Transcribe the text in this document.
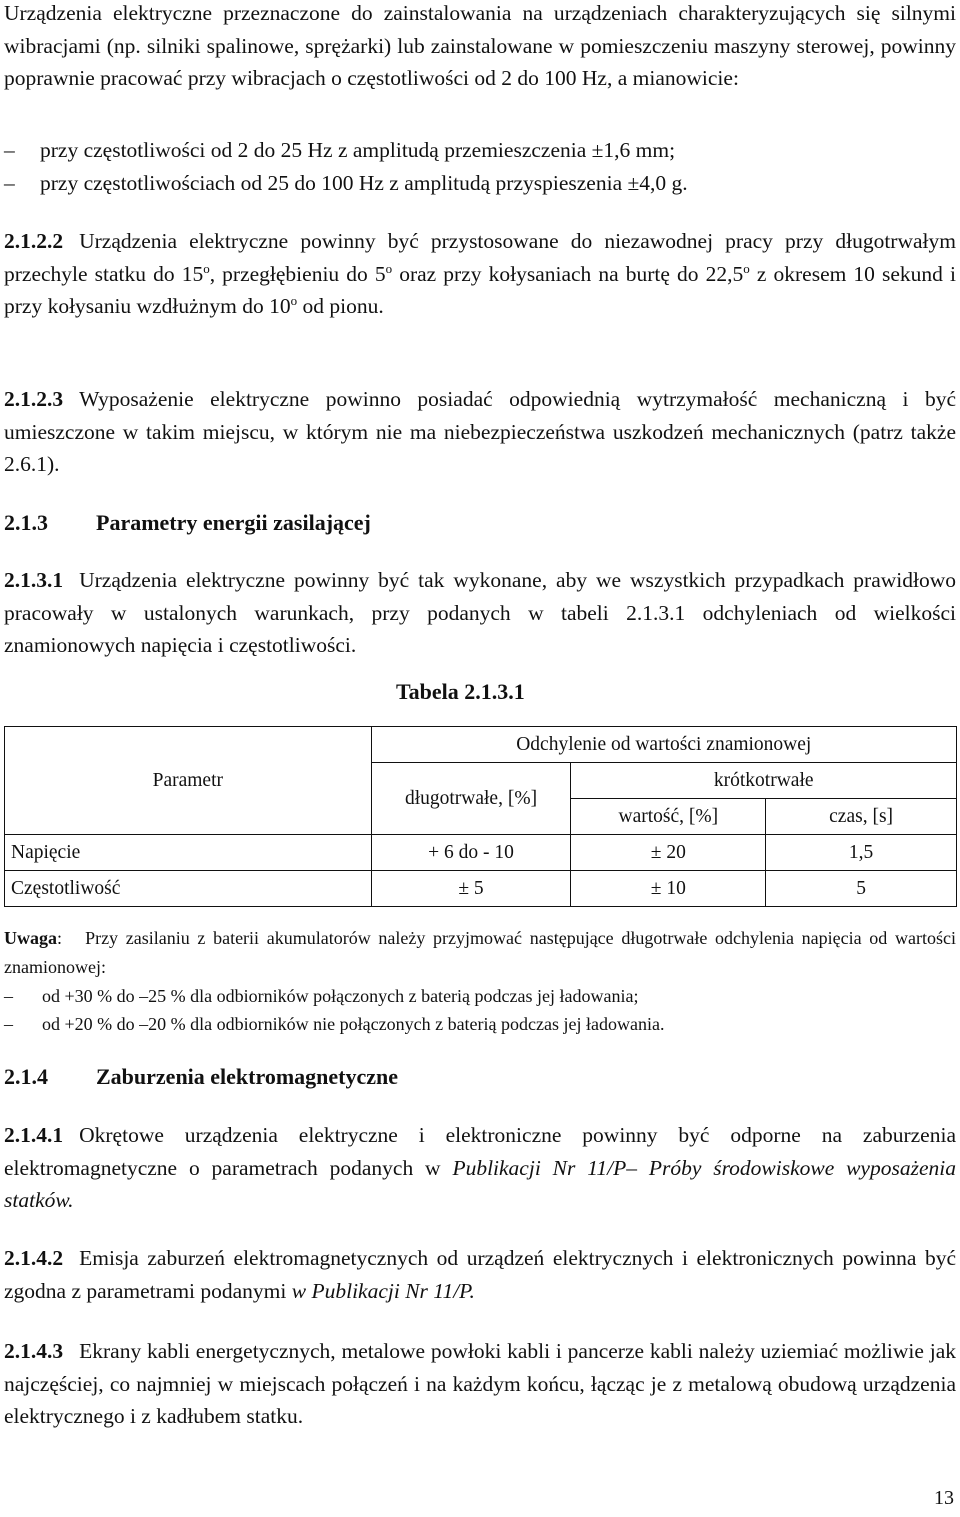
Urządzenia elektryczne przeznaczone do zainstalowania na urządzeniach charakteryzujących się silnymi wibracjami (np. silniki spalinowe, sprężarki) lub zainstalowane w pomieszczeniu maszyny sterowej, powinny poprawnie pracować przy wibracjach o częstotliwości od 2 do 100 Hz, a mianowicie:

– przy częstotliwości od 2 do 25 Hz z amplitudą przemieszczenia ±1,6 mm;
– przy częstotliwościach od 25 do 100 Hz z amplitudą przyspieszenia ±4,0 g.

2.1.2.2 Urządzenia elektryczne powinny być przystosowane do niezawodnej pracy przy długotrwałym przechyle statku do 15$^o$, przegłębieniu do 5$^o$ oraz przy kołysaniach na burtę do 22,5$^o$ z okresem 10 sekund i przy kołysaniu wzdłużnym do 10$^o$ od pionu.

2.1.2.3 Wyposażenie elektryczne powinno posiadać odpowiednią wytrzymałość mechaniczną i być umieszczone w takim miejscu, w którym nie ma niebezpieczeństwa uszkodzeń mechanicznych (patrz także 2.6.1).

2.1.3 Parametry energii zasilającej

2.1.3.1 Urządzenia elektryczne powinny być tak wykonane, aby we wszystkich przypadkach prawidłowo pracowały w ustalonych warunkach, przy podanych w tabeli 2.1.3.1 odchyleniach od wielkości znamionowych napięcia i częstotliwości.

Tabela 2.1.3.1

Parametr	Odchylenie od wartości znamionowej		
	długotrwałe, [%]	krótkotrwałe	
		wartość, [%]	czas, [s]
Napięcie	+ 6 do - 10	± 20	1,5
Częstotliwość	± 5	± 10	5

Uwaga:   Przy zasilaniu z baterii akumulatorów należy przyjmować następujące długotrwałe odchylenia napięcia od wartości znamionowej:

– od +30 % do –25 % dla odbiorników połączonych z baterią podczas jej ładowania;
– od +20 % do –20 % dla odbiorników nie połączonych z baterią podczas jej ładowania.

2.1.4 Zaburzenia elektromagnetyczne

2.1.4.1 Okrętowe urządzenia elektryczne i elektroniczne powinny być odporne na zaburzenia elektromagnetyczne o parametrach podanych w Publikacji Nr 11/P– Próby środowiskowe wyposażenia statków.

2.1.4.2 Emisja zaburzeń elektromagnetycznych od urządzeń elektrycznych i elektronicznych powinna być zgodna z parametrami podanymi w Publikacji Nr 11/P.

2.1.4.3 Ekrany kabli energetycznych, metalowe powłoki kabli i pancerze kabli należy uziemiać możliwie jak najczęściej, co najmniej w miejscach połączeń i na każdym końcu, łącząc je z metalową obudową urządzenia elektrycznego i z kadłubem statku.

13
